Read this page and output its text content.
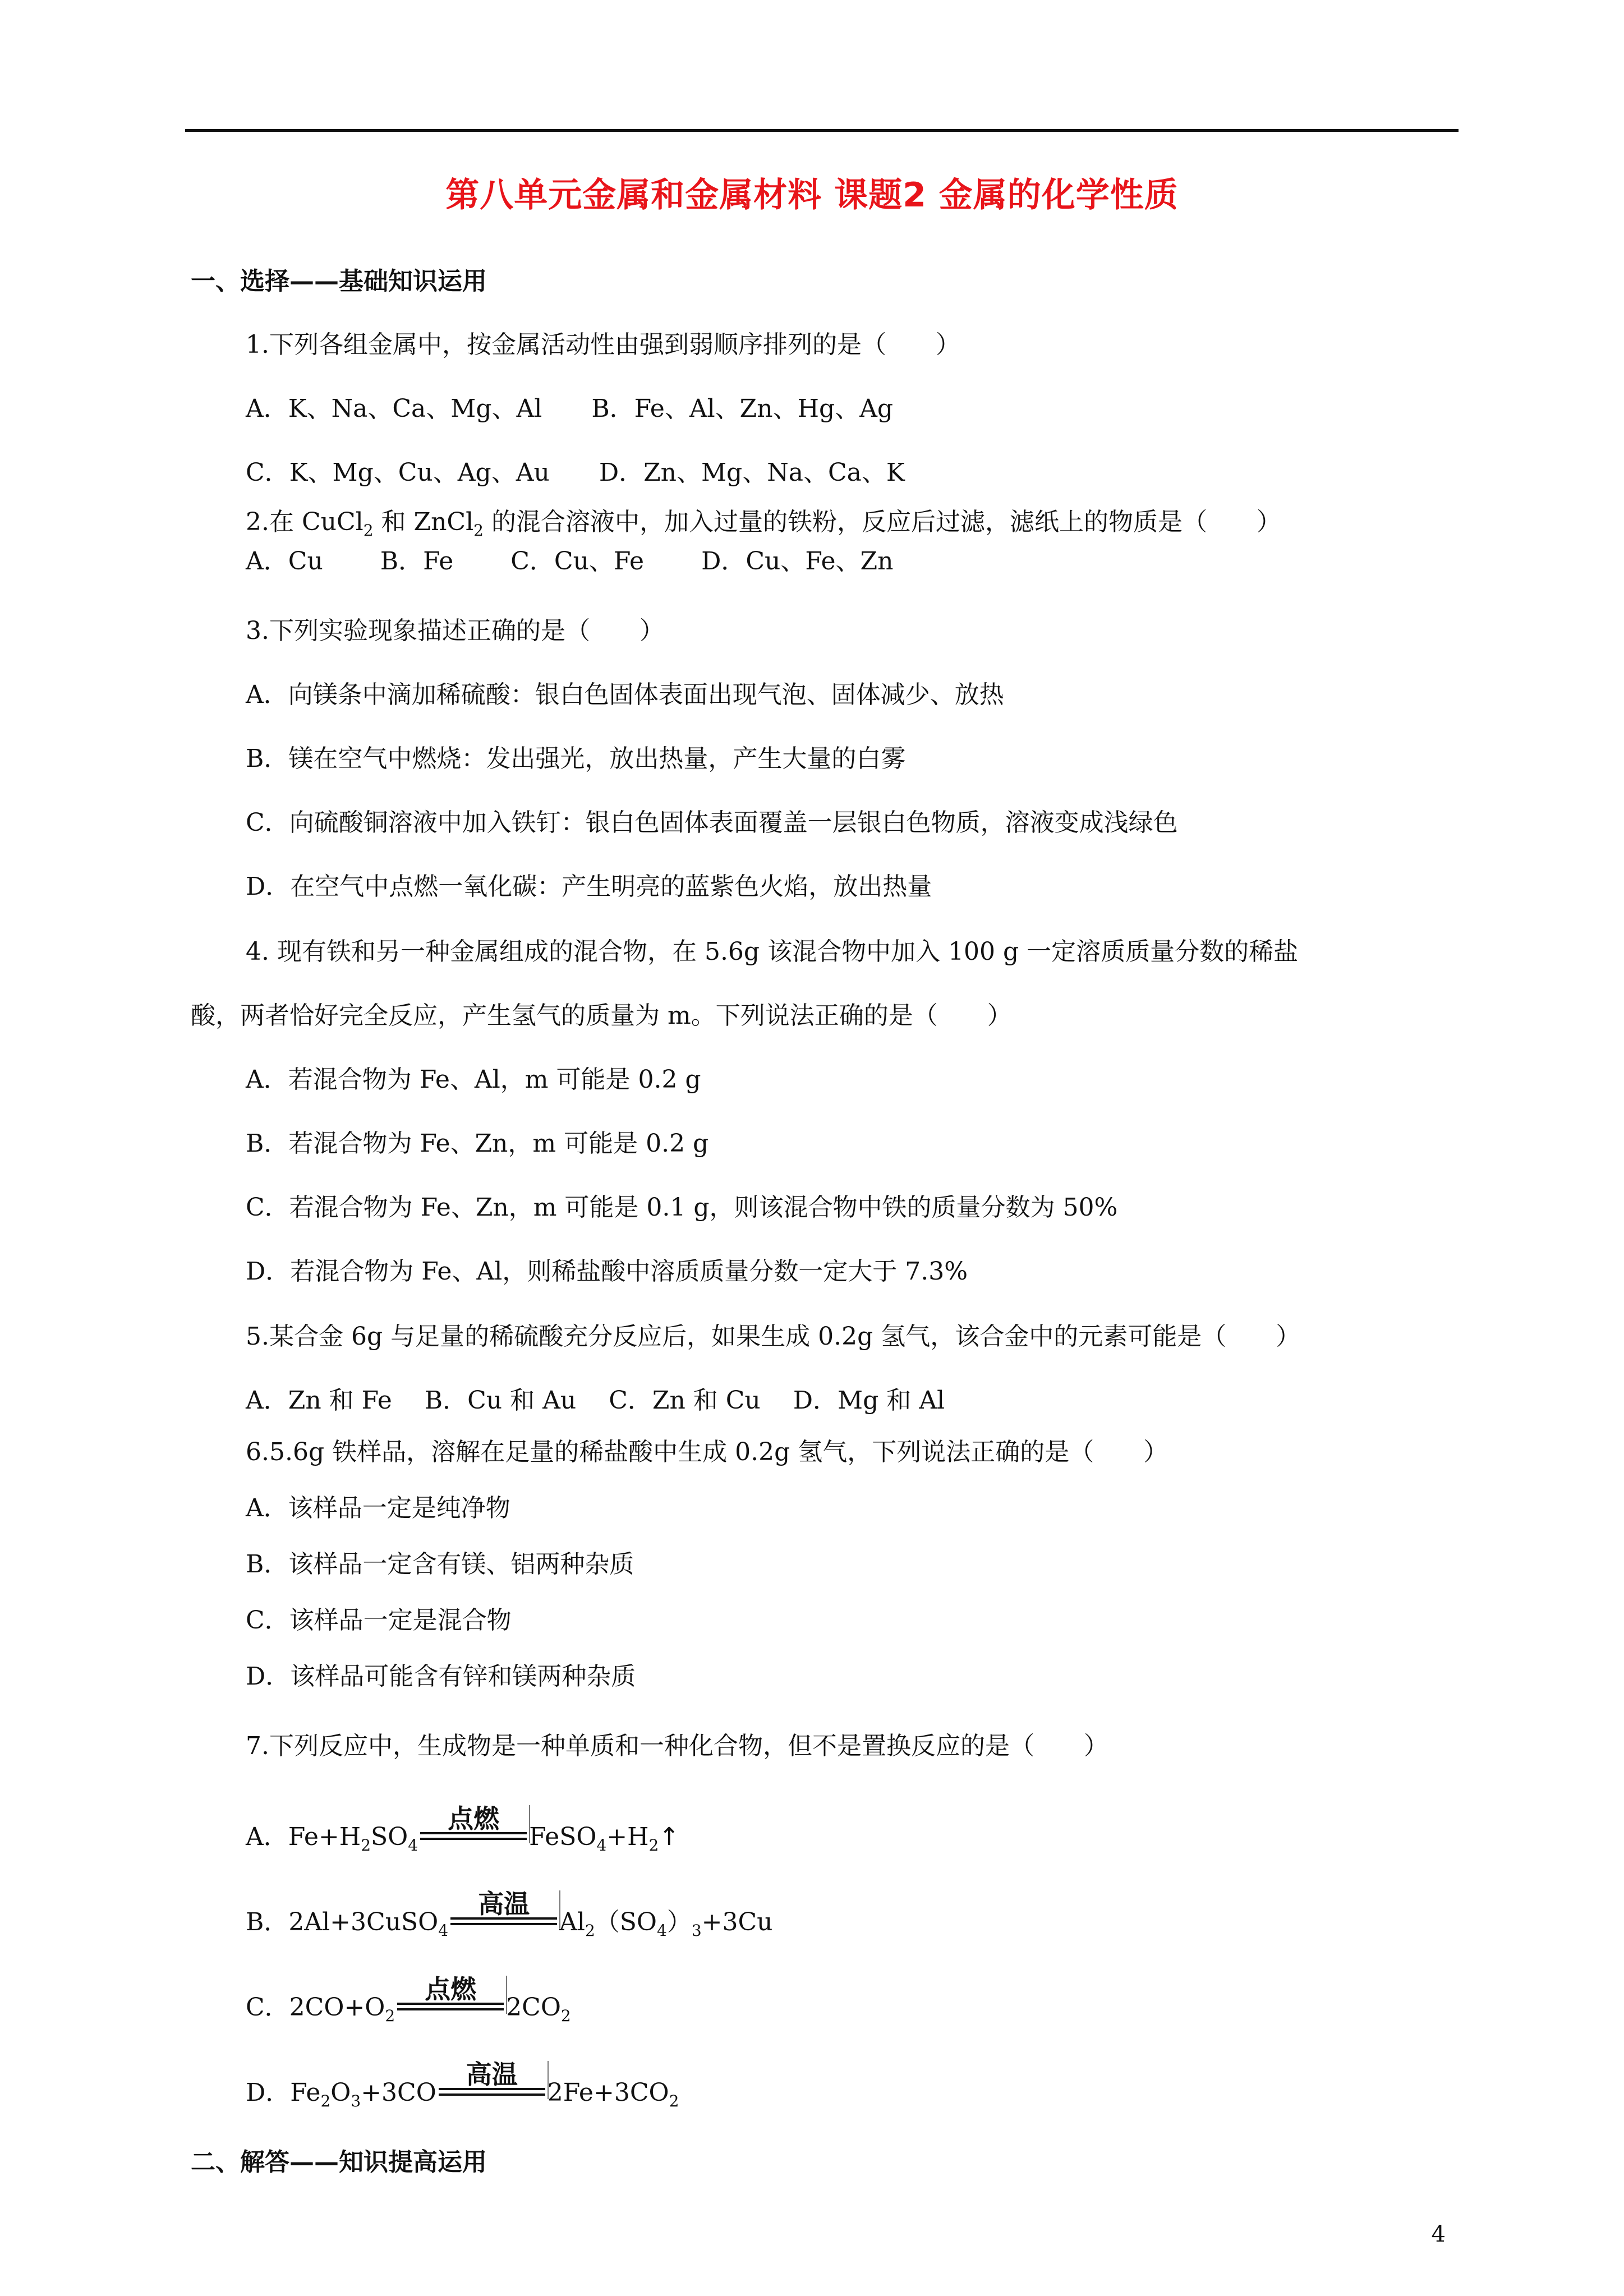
第八单元金属和金属材料 课题2 金属的化学性质
一、选择——基础知识运用
1.下列各组金属中，按金属活动性由强到弱顺序排列的是（　　）
A．K、Na、Ca、Mg、Al　　B．Fe、Al、Zn、Hg、Ag
C．K、Mg、Cu、Ag、Au　　D．Zn、Mg、Na、Ca、K
2.在 CuCl$_2$ 和 ZnCl$_2$ 的混合溶液中，加入过量的铁粉，反应后过滤，滤纸上的物质是（　　）
A．Cu　　 B．Fe　　 C．Cu、Fe　　 D．Cu、Fe、Zn
3.下列实验现象描述正确的是（　　）
A．向镁条中滴加稀硫酸：银白色固体表面出现气泡、固体减少、放热
B．镁在空气中燃烧：发出强光，放出热量，产生大量的白雾
C．向硫酸铜溶液中加入铁钉：银白色固体表面覆盖一层银白色物质，溶液变成浅绿色
D．在空气中点燃一氧化碳：产生明亮的蓝紫色火焰，放出热量
4. 现有铁和另一种金属组成的混合物，在 5.6g 该混合物中加入 100 g 一定溶质质量分数的稀盐
酸，两者恰好完全反应，产生氢气的质量为 m。下列说法正确的是（　　）
A．若混合物为 Fe、Al，m 可能是 0.2 g
B．若混合物为 Fe、Zn，m 可能是 0.2 g
C．若混合物为 Fe、Zn，m 可能是 0.1 g，则该混合物中铁的质量分数为 50%
D．若混合物为 Fe、Al，则稀盐酸中溶质质量分数一定大于 7.3%
5.某合金 6g 与足量的稀硫酸充分反应后，如果生成 0.2g 氢气，该合金中的元素可能是（　　）
A．Zn 和 Fe　 B．Cu 和 Au　 C．Zn 和 Cu　 D．Mg 和 Al
6.5.6g 铁样品，溶解在足量的稀盐酸中生成 0.2g 氢气，下列说法正确的是（　　）
A．该样品一定是纯净物
B．该样品一定含有镁、铝两种杂质
C．该样品一定是混合物
D．该样品可能含有锌和镁两种杂质
7.下列反应中，生成物是一种单质和一种化合物，但不是置换反应的是（　　）
A．$Fe+H_2SO_4$
点燃
$FeSO_4+H_2↑$
B．2Al+3CuSO$_4$
高温
$Al_2(SO_4)_3+3Cu$
C．$2CO+O_2$
点燃
$2CO_2$
D．$Fe_2O_3+3CO$
高温
$2Fe+3CO_2$
二、解答——知识提高运用
4
